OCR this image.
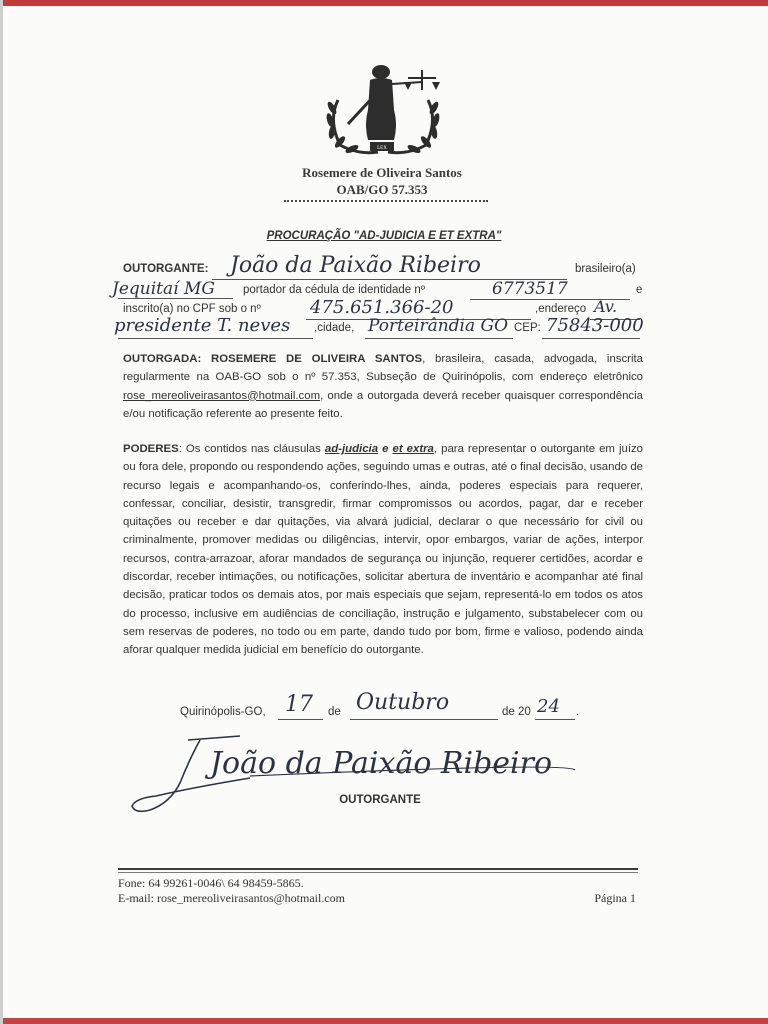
LEX
Rosemere de Oliveira Santos
OAB/GO 57.353
PROCURAÇÃO "AD-JUDICIA E ET EXTRA"
OUTORGANTE: João da Paixão Ribeiro	brasileiro(a)
Jequitaí MG portador da cédula de identidade nº	6773517	e
inscrito(a) no CPF sob o nº	475.651.366-20	,endereço Av.
presidente T. neves ,cidade, Porteirândia GO CEP: 75843-000

OUTORGADA: ROSEMERE DE OLIVEIRA SANTOS, brasileira, casada, advogada, inscrita regularmente na OAB-GO sob o nº 57.353, Subseção de Quirinópolis, com endereço eletrônico rose_mereoliveirasantos@hotmail.com, onde a outorgada deverá receber quaisquer correspondência e/ou notificação referente ao presente feito.

PODERES: Os contidos nas cláusulas ad-judicia e et extra, para representar o outorgante em juízo ou fora dele, propondo ou respondendo ações, seguindo umas e outras, até o final decisão, usando de recurso legais e acompanhando-os, conferindo-lhes, ainda, poderes especiais para requerer, confessar, conciliar, desistir, transgredir, firmar compromissos ou acordos, pagar, dar e receber quitações ou receber e dar quitações, via alvará judicial, declarar o que necessário for civil ou criminalmente, promover medidas ou diligências, intervir, opor embargos, variar de ações, interpor recursos, contra-arrazoar, aforar mandados de segurança ou injunção, requerer certidões, acordar e discordar, receber intimações, ou notificações, solicitar abertura de inventário e acompanhar até final decisão, praticar todos os demais atos, por mais especiais que sejam, representá-lo em todos os atos do processo, inclusive em audiências de conciliação, instrução e julgamento, substabelecer com ou sem reservas de poderes, no todo ou em parte, dando tudo por bom, firme e valioso, podendo ainda aforar qualquer medida judicial em benefício do outorgante.

Quirinópolis-GO, 17 de Outubro	de 20 24 .
João da Paixão Ribeiro
OUTORGANTE
Fone: 64 99261-0046\ 64 98459-5865.
E-mail: rose_mereoliveirasantos@hotmail.com	Página 1
